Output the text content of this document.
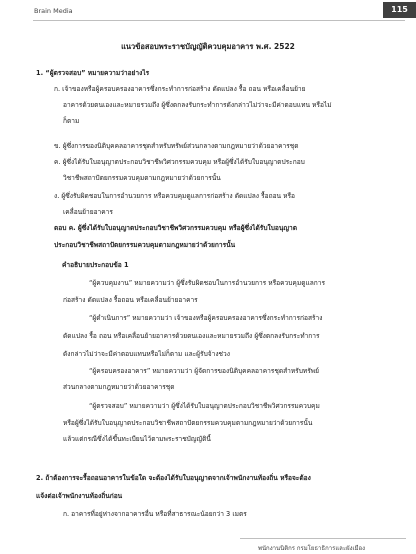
Brain Media	115
แนวข้อสอบพระราชบัญญัติควบคุมอาคาร พ.ศ. 2522
1. “ผู้ตรวจสอบ” หมายความว่าอย่างไร
ก. เจ้าของหรือผู้ครอบครองอาคารซึ่งกระทำการก่อสร้าง ดัดแปลง รื้อ ถอน หรือเคลื่อนย้าย
อาคารด้วยตนเองและหมายรวมถึง ผู้ซึ่งตกลงรับกระทำการดังกล่าวไม่ว่าจะมีค่าตอบแทน หรือไม่
ก็ตาม
ข. ผู้ซึ่งการของนิติบุคคลอาคารชุดสำหรับทรัพย์ส่วนกลางตามกฎหมายว่าด้วยอาคารชุด
ค. ผู้ซึ่งได้รับใบอนุญาตประกอบวิชาชีพวิศวกรรมควบคุม หรือผู้ซึ่งได้รับใบอนุญาตประกอบ
วิชาชีพสถาปัตยกรรมควบคุมตามกฎหมายว่าด้วยการนั้น
ง. ผู้ซึ่งรับผิดชอบในการอำนวยการ หรือควบคุมดูแลการก่อสร้าง ดัดแปลง รื้อถอน หรือ
เคลื่อนย้ายอาคาร
ตอบ ค. ผู้ซึ่งได้รับใบอนุญาตประกอบวิชาชีพวิศวกรรมควบคุม หรือผู้ซึ่งได้รับใบอนุญาต
ประกอบวิชาชีพสถาปัตยกรรมควบคุมตามกฎหมายว่าด้วยการนั้น
คำอธิบายประกอบข้อ 1
“ผู้ควบคุมงาน” หมายความว่า ผู้ซึ่งรับผิดชอบในการอำนวยการ หรือควบคุมดูแลการ
ก่อสร้าง ดัดแปลง รื้อถอน หรือเคลื่อนย้ายอาคาร
“ผู้ดำเนินการ” หมายความว่า เจ้าของหรือผู้ครอบครองอาคารซึ่งกระทำการก่อสร้าง
ดัดแปลง รื้อ ถอน หรือเคลื่อนย้ายอาคารด้วยตนเองและหมายรวมถึง ผู้ซึ่งตกลงรับกระทำการ
ดังกล่าวไม่ว่าจะมีค่าตอบแทนหรือไม่ก็ตาม และผู้รับจ้างช่วง
“ผู้ครอบครองอาคาร” หมายความว่า ผู้จัดการของนิติบุคคลอาคารชุดสำหรับทรัพย์
ส่วนกลางตามกฎหมายว่าด้วยอาคารชุด
“ผู้ตรวจสอบ” หมายความว่า ผู้ซึ่งได้รับใบอนุญาตประกอบวิชาชีพวิศวกรรมควบคุม
หรือผู้ซึ่งได้รับใบอนุญาตประกอบวิชาชีพสถาปัตยกรรมควบคุมตามกฎหมายว่าด้วยการนั้น
แล้วแต่กรณีซึ่งได้ขึ้นทะเบียนไว้ตามพระราชบัญญัตินี้
2. ถ้าต้องการจะรื้อถอนอาคารในข้อใด จะต้องได้รับใบอนุญาตจากเจ้าพนักงานท้องถิ่น หรือจะต้อง
แจ้งต่อเจ้าพนักงานท้องถิ่นก่อน
ก. อาคารที่อยู่ห่างจากอาคารอื่น หรือที่สาธารณะน้อยกว่า 3 เมตร
พนักงานนิติกร กรมโยธาธิการและผังเมือง
